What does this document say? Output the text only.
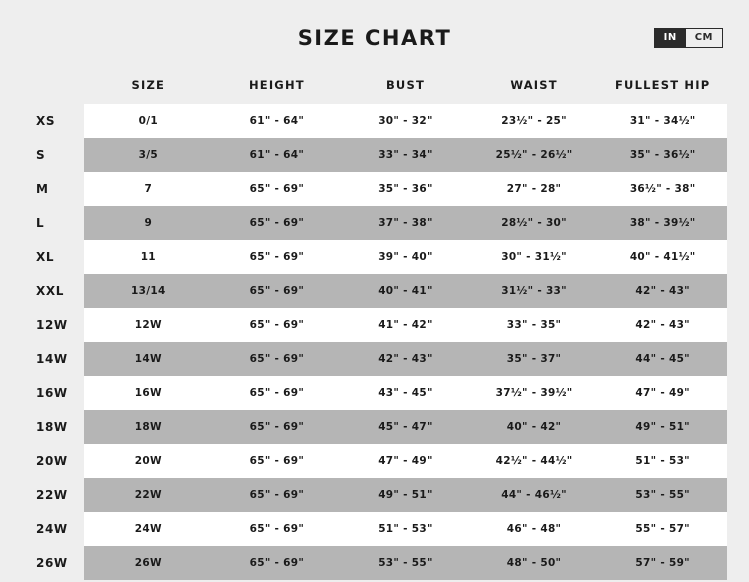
SIZE CHART	IN	CM
	SIZE	HEIGHT	BUST	WAIST	FULLEST HIP
XS	0/1	61" - 64"	30" - 32"	23½" - 25"	31" - 34½"
S	3/5	61" - 64"	33" - 34"	25½" - 26½"	35" - 36½"
M	7	65" - 69"	35" - 36"	27" - 28"	36½" - 38"
L	9	65" - 69"	37" - 38"	28½" - 30"	38" - 39½"
XL	11	65" - 69"	39" - 40"	30" - 31½"	40" - 41½"
XXL	13/14	65" - 69"	40" - 41"	31½" - 33"	42" - 43"
12W	12W	65" - 69"	41" - 42"	33" - 35"	42" - 43"
14W	14W	65" - 69"	42" - 43"	35" - 37"	44" - 45"
16W	16W	65" - 69"	43" - 45"	37½" - 39½"	47" - 49"
18W	18W	65" - 69"	45" - 47"	40" - 42"	49" - 51"
20W	20W	65" - 69"	47" - 49"	42½" - 44½"	51" - 53"
22W	22W	65" - 69"	49" - 51"	44" - 46½"	53" - 55"
24W	24W	65" - 69"	51" - 53"	46" - 48"	55" - 57"
26W	26W	65" - 69"	53" - 55"	48" - 50"	57" - 59"
